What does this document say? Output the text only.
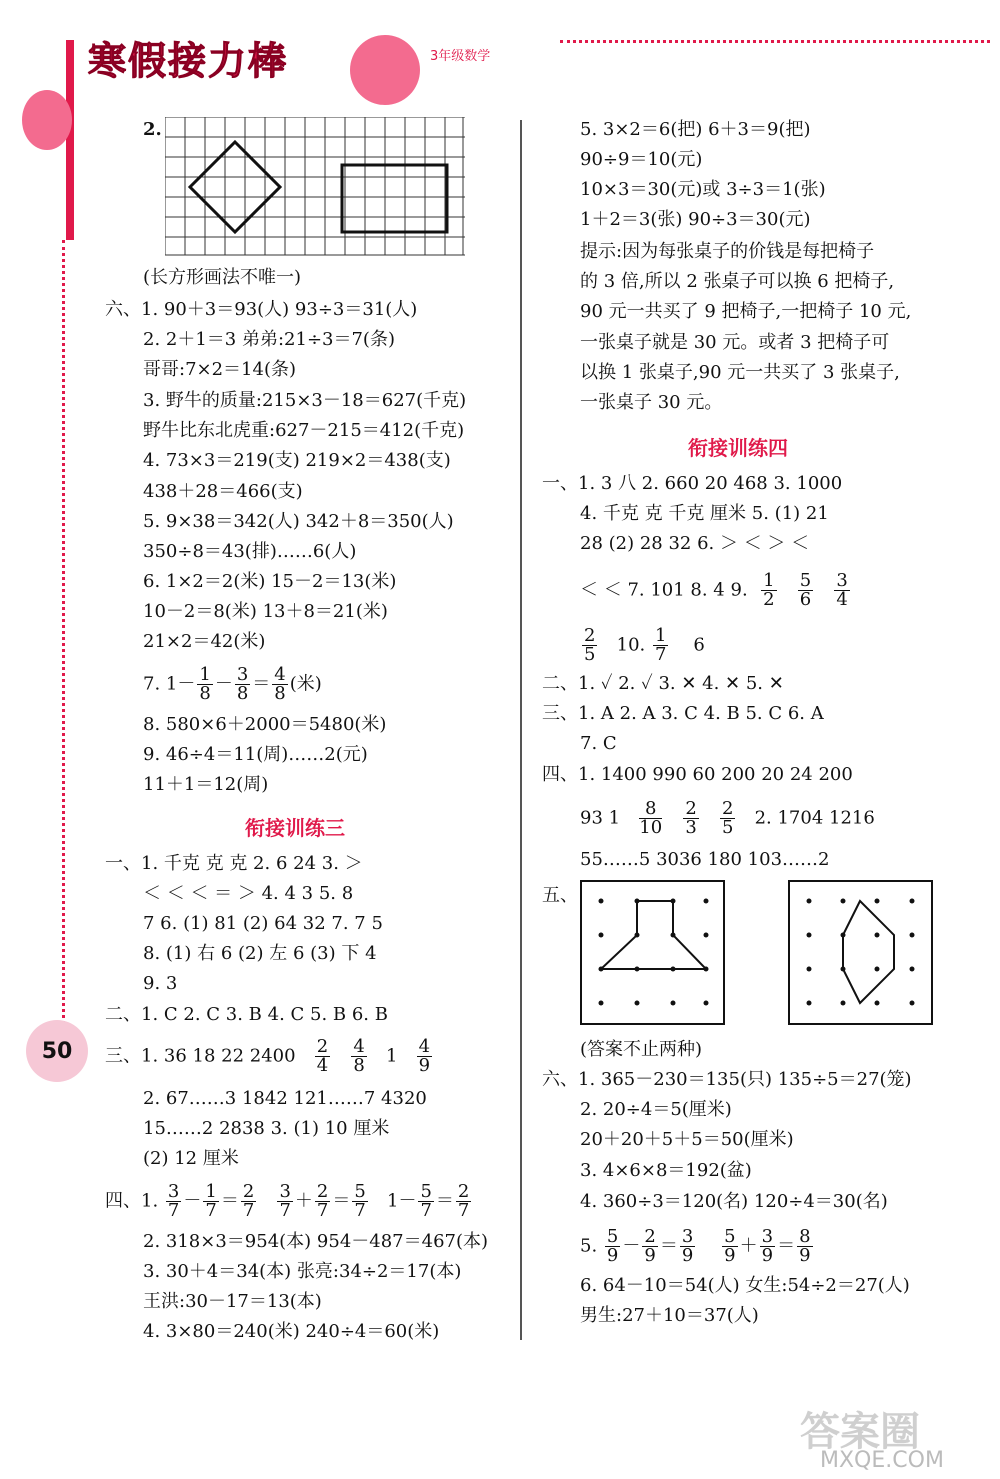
寒假接力棒	3年级数学
2.
(长方形画法不唯一)
六、1. 90＋3＝93(人) 93÷3＝31(人)
2. 2＋1＝3 弟弟:21÷3＝7(条)
哥哥:7×2＝14(条)
3. 野牛的质量:215×3－18＝627(千克)
野牛比东北虎重:627－215＝412(千克)
4. 73×3＝219(支) 219×2＝438(支)
438＋28＝466(支)
5. 9×38＝342(人) 342＋8＝350(人)
350÷8＝43(排)……6(人)
6. 1×2＝2(米) 15－2＝13(米)
10－2＝8(米) 13＋8＝21(米)
21×2＝42(米)
7. $1- \frac{1}{8} - \frac{3}{8} = \frac{4}{8}$ (米)
8. 580×6＋2000＝5480(米)
9. 46÷4＝11(周)……2(元)
11＋1＝12(周)
衔接训练三
一、1. 千克 克 克 2. 6 24 3. ＞
＜ ＜ ＜ ＝ ＞ 4. 4 3 5. 8
7 6. (1) 81 (2) 64 32 7. 7 5
8. (1) 右 6 (2) 左 6 (3) 下 4
9. 3
二、1. C 2. C 3. B 4. C 5. B 6. B
三、1. 36 18 22 $2400 \frac{2}{4}$
$\frac{4}{8} 1 \frac{4}{9}$
2. 67……3 1842 121……7 4320
15……2 2838 3. (1) 10 厘米
(2) 12 厘米
四、1. $\frac{3}{7} - \frac{1}{7} = \frac{2}{7}$
$\frac{3}{7} + \frac{2}{7} = \frac{5}{7} 1- \frac{5}{7} = \frac{2}{7}$
2. 318×3＝954(本) 954－487＝467(本)
3. 30＋4＝34(本) 张亮:34÷2＝17(本)
王洪:30－17＝13(本)
4. 3×80＝240(米) 240÷4＝60(米)
50
5. 3×2＝6(把) 6＋3＝9(把)
90÷9＝10(元)
10×3＝30(元)或 3÷3＝1(张)
1＋2＝3(张) 90÷3＝30(元)
提示:因为每张桌子的价钱是每把椅子
的 3 倍,所以 2 张桌子可以换 6 把椅子,
90 元一共买了 9 把椅子,一把椅子 10 元,
一张桌子就是 30 元。或者 3 把椅子可
以换 1 张桌子,90 元一共买了 3 张桌子,
一张桌子 30 元。
衔接训练四
一、1. 3 八 2. 660 20 468 3. 1000
4. 千克 克 千克 厘米 5. (1) 21
28 (2) 28 32 6. ＞ ＜ ＞ ＜
＜ ＜ 7. 101 8. 4 9. $\frac{1}{2}$
$\frac{5}{6}$
$\frac{3}{4}$
$\frac{2}{5} 10$. $\frac{1}{7} 6$
二、1. ✓ 2. ✓ 3. ✕ 4. ✕ 5. ✕
三、1. A 2. A 3. C 4. B 5. C 6. A
7. C
四、1. 1400 990 60 200 20 24 200
93 $1 \frac{8}{10}$
$\frac{2}{3}$
$\frac{2}{5} 2$. 1704 1216
55……5 3036 180 103……2
五、
(答案不止两种)
六、1. 365－230＝135(只) 135÷5＝27(笼)
2. 20÷4＝5(厘米)
20＋20＋5＋5＝50(厘米)
3. 4×6×8＝192(盆)
4. 360÷3＝120(名) 120÷4＝30(名)
5. $\frac{5}{9} - \frac{2}{9} = \frac{3}{9}$
$\frac{5}{9} + \frac{3}{9} = \frac{8}{9}$
6. 64－10＝54(人) 女生:54÷2＝27(人)
男生:27＋10＝37(人)
答案圈
MXQE.COM
